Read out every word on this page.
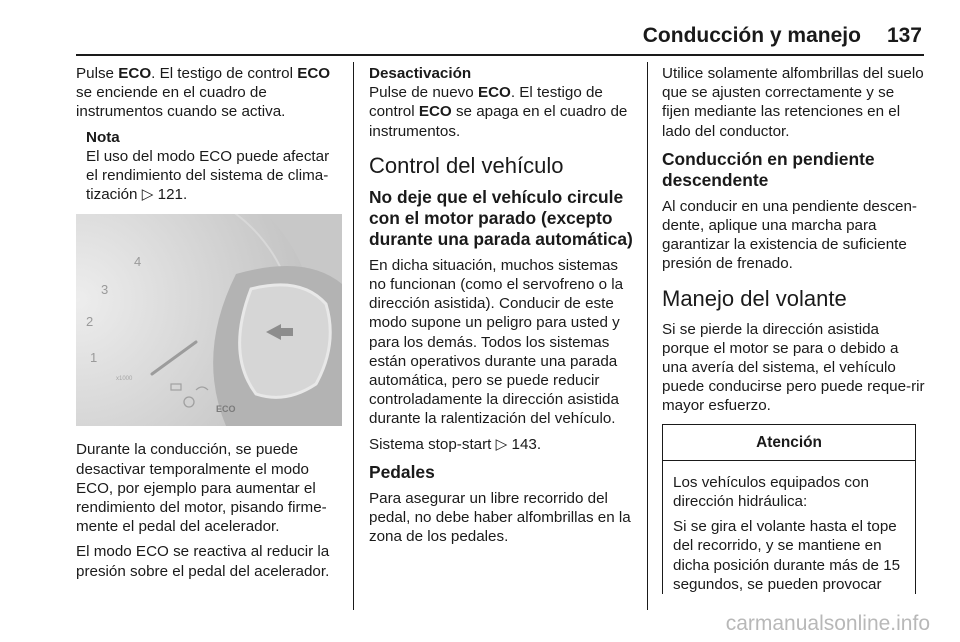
Conducción y manejo 137

Pulse ECO. El testigo de control ECO se enciende en el cuadro de instrumentos cuando se activa.

Nota
El uso del modo ECO puede afectar el rendimiento del sistema de clima-tización ▷ 121.
4
3
2
1
x1000
ECO

Durante la conducción, se puede desactivar temporalmente el modo ECO, por ejemplo para aumentar el rendimiento del motor, pisando firme-mente el pedal del acelerador.

El modo ECO se reactiva al reducir la presión sobre el pedal del acelerador.

Desactivación

Pulse de nuevo ECO. El testigo de control ECO se apaga en el cuadro de instrumentos.

Control del vehículo
No deje que el vehículo circule con el motor parado (excepto durante una parada automática)

En dicha situación, muchos sistemas no funcionan (como el servofreno o la dirección asistida). Conducir de este modo supone un peligro para usted y para los demás. Todos los sistemas están operativos durante una parada automática, pero se puede reducir controladamente la dirección asistida durante la ralentización del vehículo.

Sistema stop-start ▷ 143.

Pedales

Para asegurar un libre recorrido del pedal, no debe haber alfombrillas en la zona de los pedales.

Utilice solamente alfombrillas del suelo que se ajusten correctamente y se fijen mediante las retenciones en el lado del conductor.

Conducción en pendiente descendente

Al conducir en una pendiente descen-dente, aplique una marcha para garantizar la existencia de suficiente presión de frenado.

Manejo del volante

Si se pierde la dirección asistida porque el motor se para o debido a una avería del sistema, el vehículo puede conducirse pero puede reque-rir mayor esfuerzo.

Atención

Los vehículos equipados con dirección hidráulica:

Si se gira el volante hasta el tope del recorrido, y se mantiene en dicha posición durante más de 15 segundos, se pueden provocar

carmanualsonline.info
